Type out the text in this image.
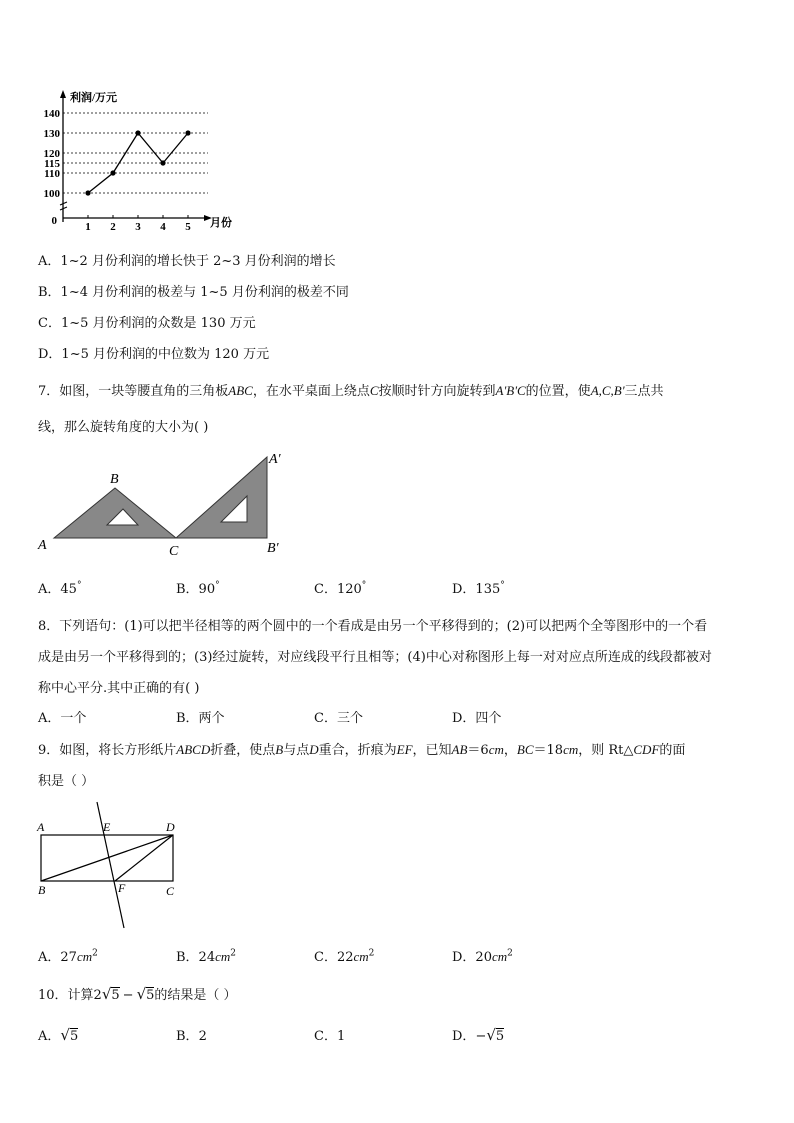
利润/万元
月份
0
140
130
120
115
110
100
1 2 3 4 5
A．1~2 月份利润的增长快于 2~3 月份利润的增长
B．1~4 月份利润的极差与 1~5 月份利润的极差不同
C．1~5 月份利润的众数是 130 万元
D．1~5 月份利润的中位数为 120 万元
7．如图，一块等腰直角的三角板ABC，在水平桌面上绕点C按顺时针方向旋转到A'B'C的位置，使A,C,B'三点共
线，那么旋转角度的大小为( )
A
B
C
A′
B′
A．45°	B．90°	C．120°	D．135°
8．下列语句：(1)可以把半径相等的两个圆中的一个看成是由另一个平移得到的；(2)可以把两个全等图形中的一个看
成是由另一个平移得到的；(3)经过旋转，对应线段平行且相等；(4)中心对称图形上每一对对应点所连成的线段都被对
称中心平分.其中正确的有( )
A．一个	B．两个	C．三个	D．四个
9．如图，将长方形纸片ABCD折叠，使点B与点D重合，折痕为EF，已知AB＝6cm，BC＝18cm，则 Rt△CDF的面
积是（ ）
A	E	D
B	F	C
A．$27cm^2$	B．$24cm^2$	C．$22cm^2$	D．$20cm^2$
10．计算2√5 − √5的结果是（ ）
A．√5	B．2	C．1	D．−√5
